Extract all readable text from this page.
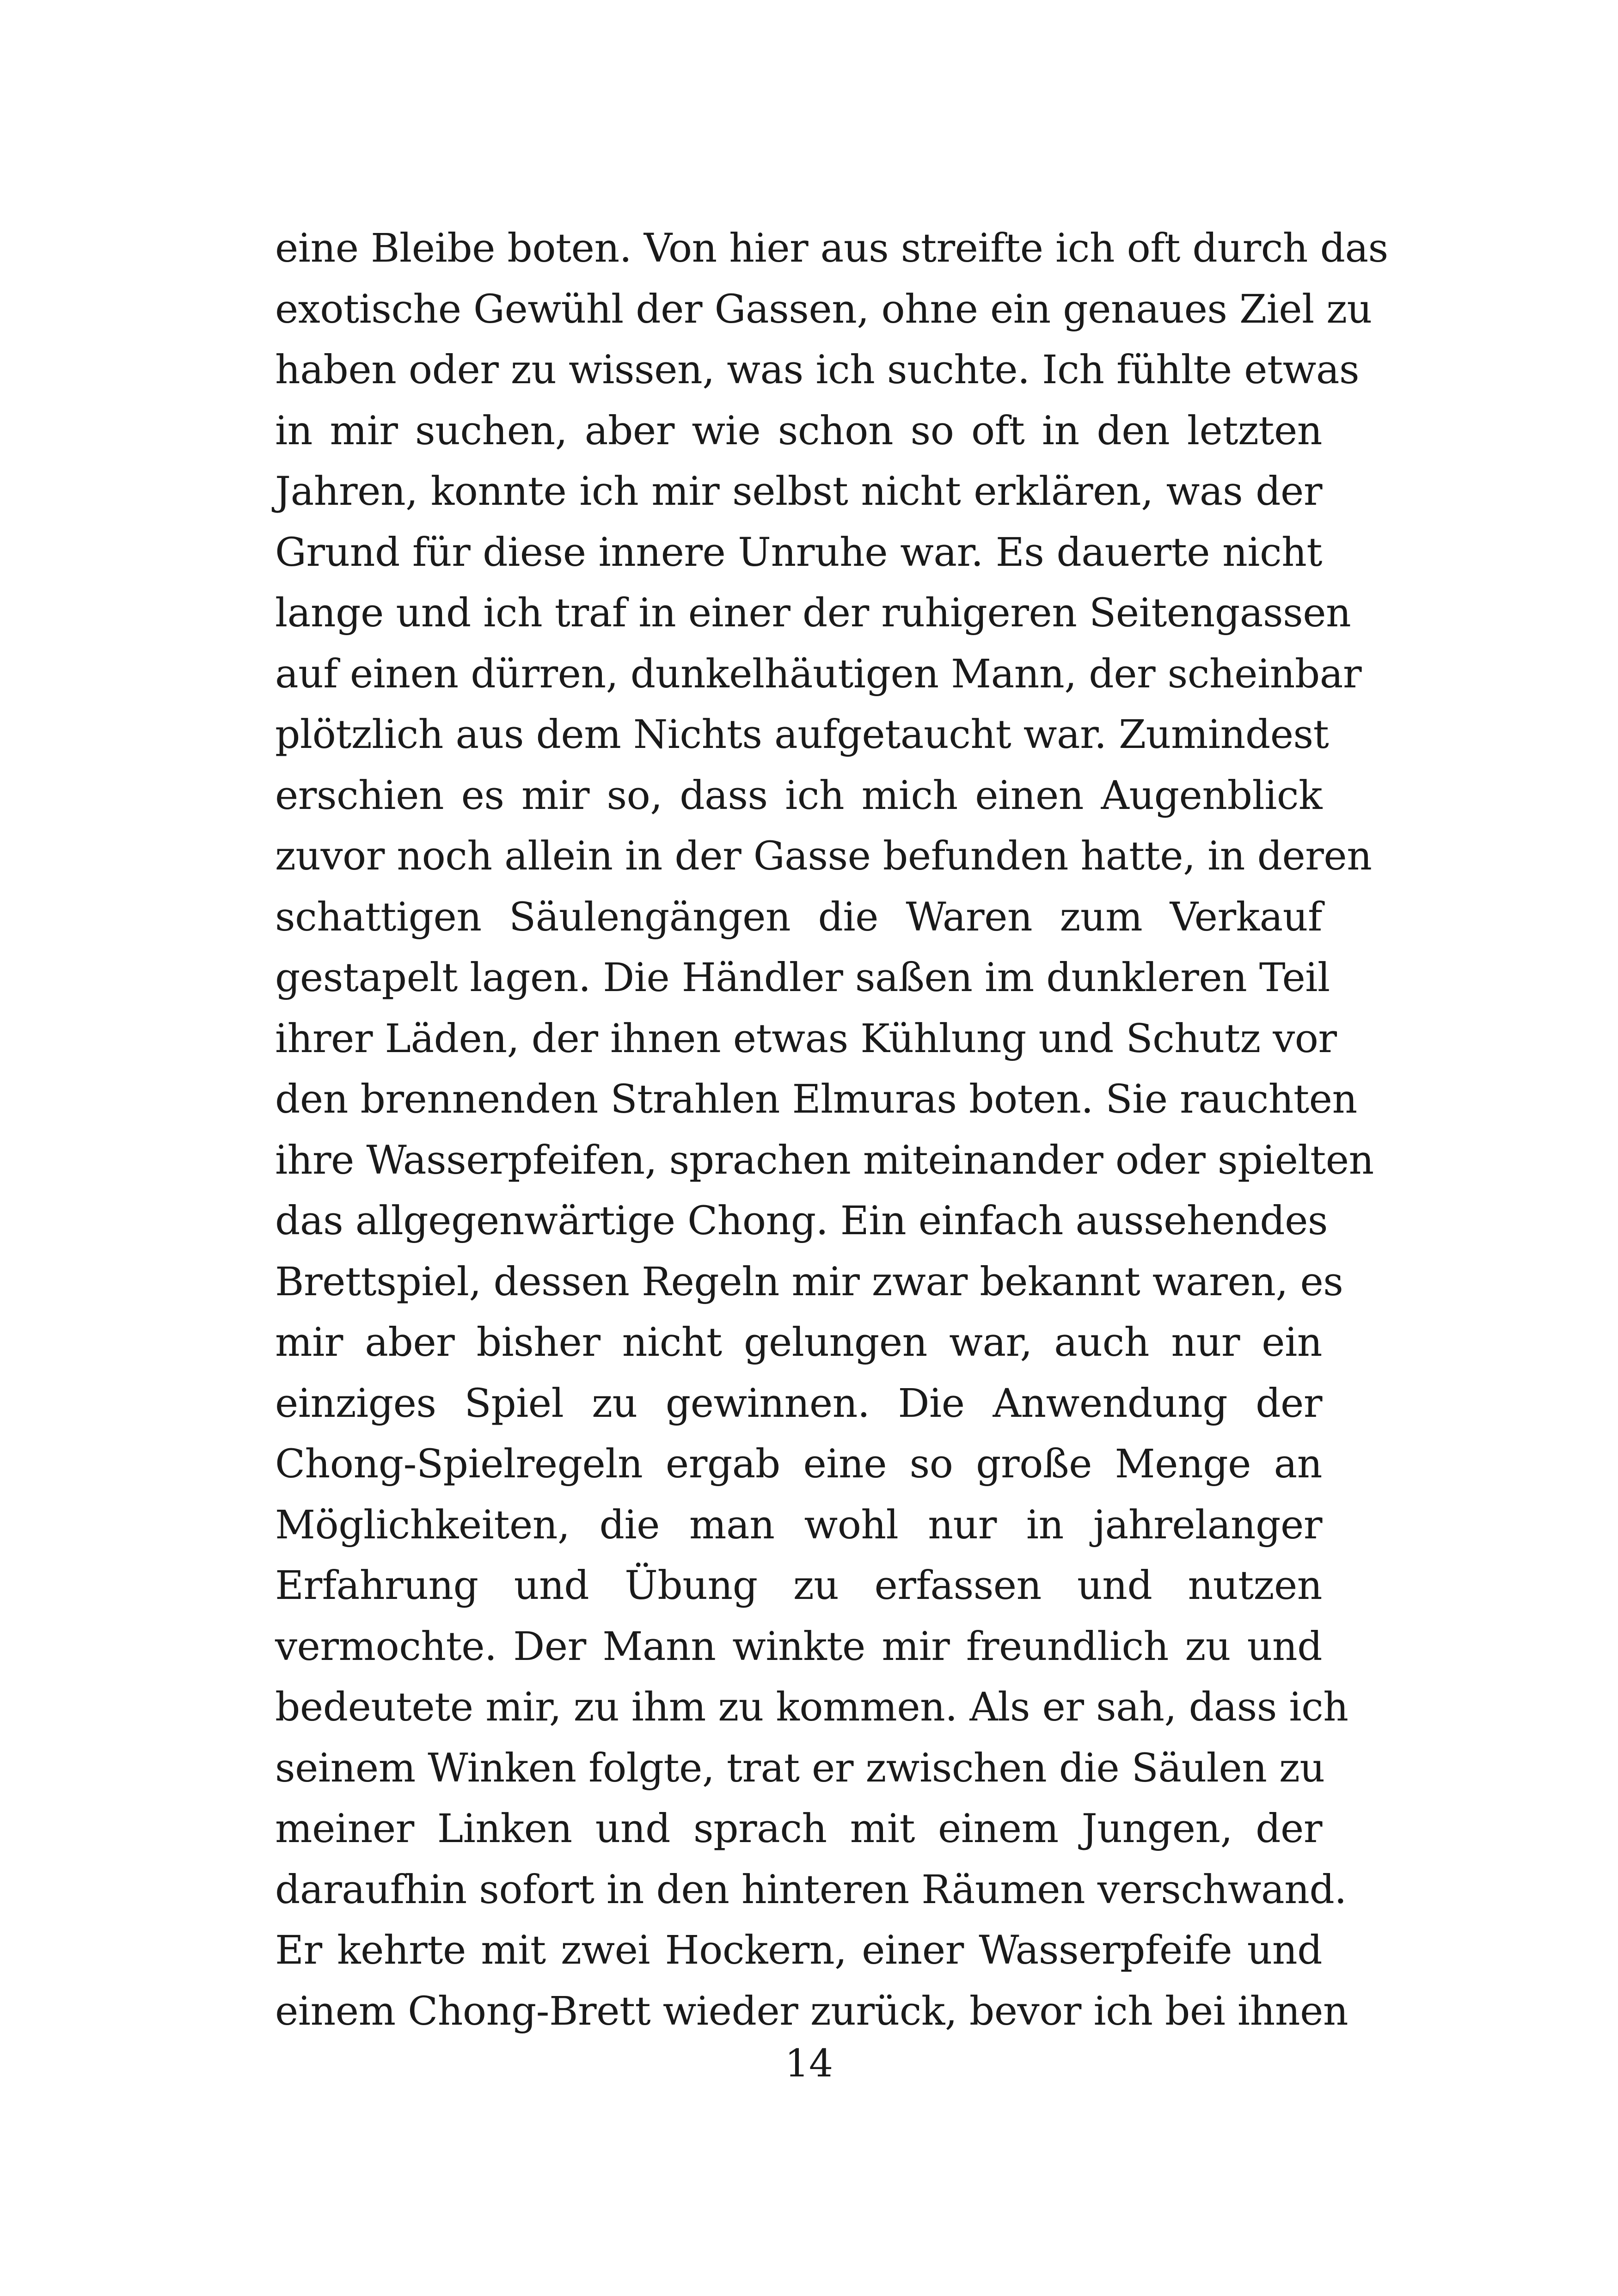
eine Bleibe boten. Von hier aus streifte ich oft durch das
exotische Gewühl der Gassen, ohne ein genaues Ziel zu
haben oder zu wissen, was ich suchte. Ich fühlte etwas
in mir suchen, aber wie schon so oft in den letzten
Jahren, konnte ich mir selbst nicht erklären, was der
Grund für diese innere Unruhe war. Es dauerte nicht
lange und ich traf in einer der ruhigeren Seitengassen
auf einen dürren, dunkelhäutigen Mann, der scheinbar
plötzlich aus dem Nichts aufgetaucht war. Zumindest
erschien es mir so, dass ich mich einen Augenblick
zuvor noch allein in der Gasse befunden hatte, in deren
schattigen Säulengängen die Waren zum Verkauf
gestapelt lagen. Die Händler saßen im dunkleren Teil
ihrer Läden, der ihnen etwas Kühlung und Schutz vor
den brennenden Strahlen Elmuras boten. Sie rauchten
ihre Wasserpfeifen, sprachen miteinander oder spielten
das allgegenwärtige Chong. Ein einfach aussehendes
Brettspiel, dessen Regeln mir zwar bekannt waren, es
mir aber bisher nicht gelungen war, auch nur ein
einziges Spiel zu gewinnen. Die Anwendung der
Chong-Spielregeln ergab eine so große Menge an
Möglichkeiten, die man wohl nur in jahrelanger
Erfahrung und Übung zu erfassen und nutzen
vermochte. Der Mann winkte mir freundlich zu und
bedeutete mir, zu ihm zu kommen. Als er sah, dass ich
seinem Winken folgte, trat er zwischen die Säulen zu
meiner Linken und sprach mit einem Jungen, der
daraufhin sofort in den hinteren Räumen verschwand.
Er kehrte mit zwei Hockern, einer Wasserpfeife und
einem Chong-Brett wieder zurück, bevor ich bei ihnen
14
